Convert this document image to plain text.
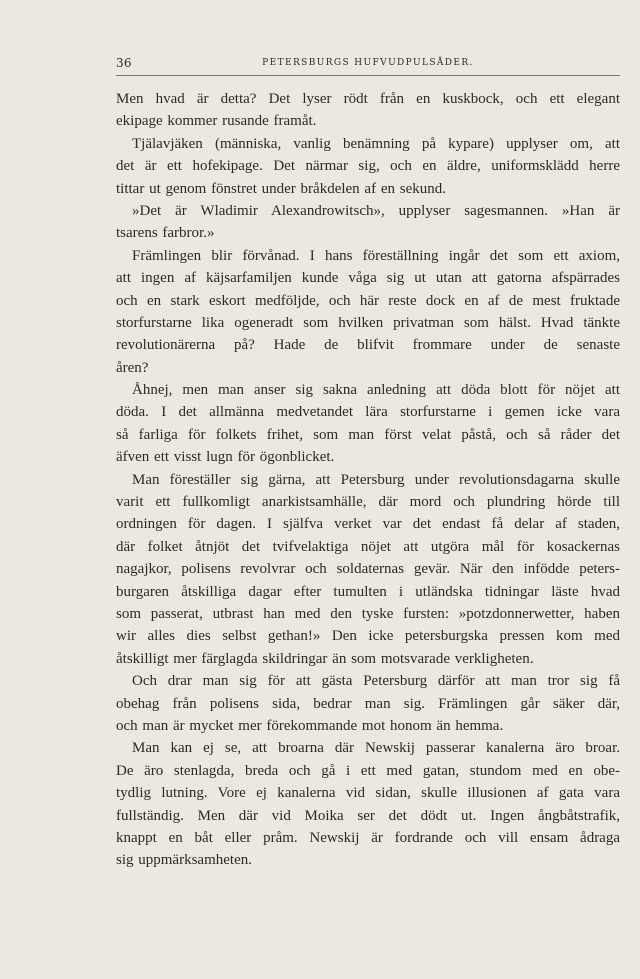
36	PETERSBURGS HUFVUDPULSÅDER.
Men hvad är detta? Det lyser rödt från en kuskbock, och ett elegant
ekipage kommer rusande framåt.
Tjälavjäken (människa, vanlig benämning på kypare) upplyser om, att
det är ett hofekipage. Det närmar sig, och en äldre, uniformsklädd herre
tittar ut genom fönstret under bråkdelen af en sekund.
»Det är Wladimir Alexandrowitsch», upplyser sagesmannen. »Han är
tsarens farbror.»
Främlingen blir förvånad. I hans föreställning ingår det som ett axiom,
att ingen af käjsarfamiljen kunde våga sig ut utan att gatorna afspärrades
och en stark eskort medföljde, och här reste dock en af de mest fruktade
storfurstarne lika ogeneradt som hvilken privatman som hälst. Hvad tänkte
revolutionärerna på? Hade de blifvit frommare under de senaste
åren?
Åhnej, men man anser sig sakna anledning att döda blott för nöjet att
döda. I det allmänna medvetandet lära storfurstarne i gemen icke vara
så farliga för folkets frihet, som man först velat påstå, och så råder det
äfven ett visst lugn för ögonblicket.
Man föreställer sig gärna, att Petersburg under revolutionsdagarna skulle
varit ett fullkomligt anarkistsamhälle, där mord och plundring hörde till
ordningen för dagen. I själfva verket var det endast få delar af staden,
där folket åtnjöt det tvifvelaktiga nöjet att utgöra mål för kosackernas
nagajkor, polisens revolvrar och soldaternas gevär. När den infödde peters-
burgaren åtskilliga dagar efter tumulten i utländska tidningar läste hvad
som passerat, utbrast han med den tyske fursten: »potzdonnerwetter, haben
wir alles dies selbst gethan!» Den icke petersburgska pressen kom med
åtskilligt mer färglagda skildringar än som motsvarade verkligheten.
Och drar man sig för att gästa Petersburg därför att man tror sig få
obehag från polisens sida, bedrar man sig. Främlingen går säker där,
och man är mycket mer förekommande mot honom än hemma.
Man kan ej se, att broarna där Newskij passerar kanalerna äro broar.
De äro stenlagda, breda och gå i ett med gatan, stundom med en obe-
tydlig lutning. Vore ej kanalerna vid sidan, skulle illusionen af gata vara
fullständig. Men där vid Moika ser det dödt ut. Ingen ångbåtstrafik,
knappt en båt eller pråm. Newskij är fordrande och vill ensam ådraga
sig uppmärksamheten.
